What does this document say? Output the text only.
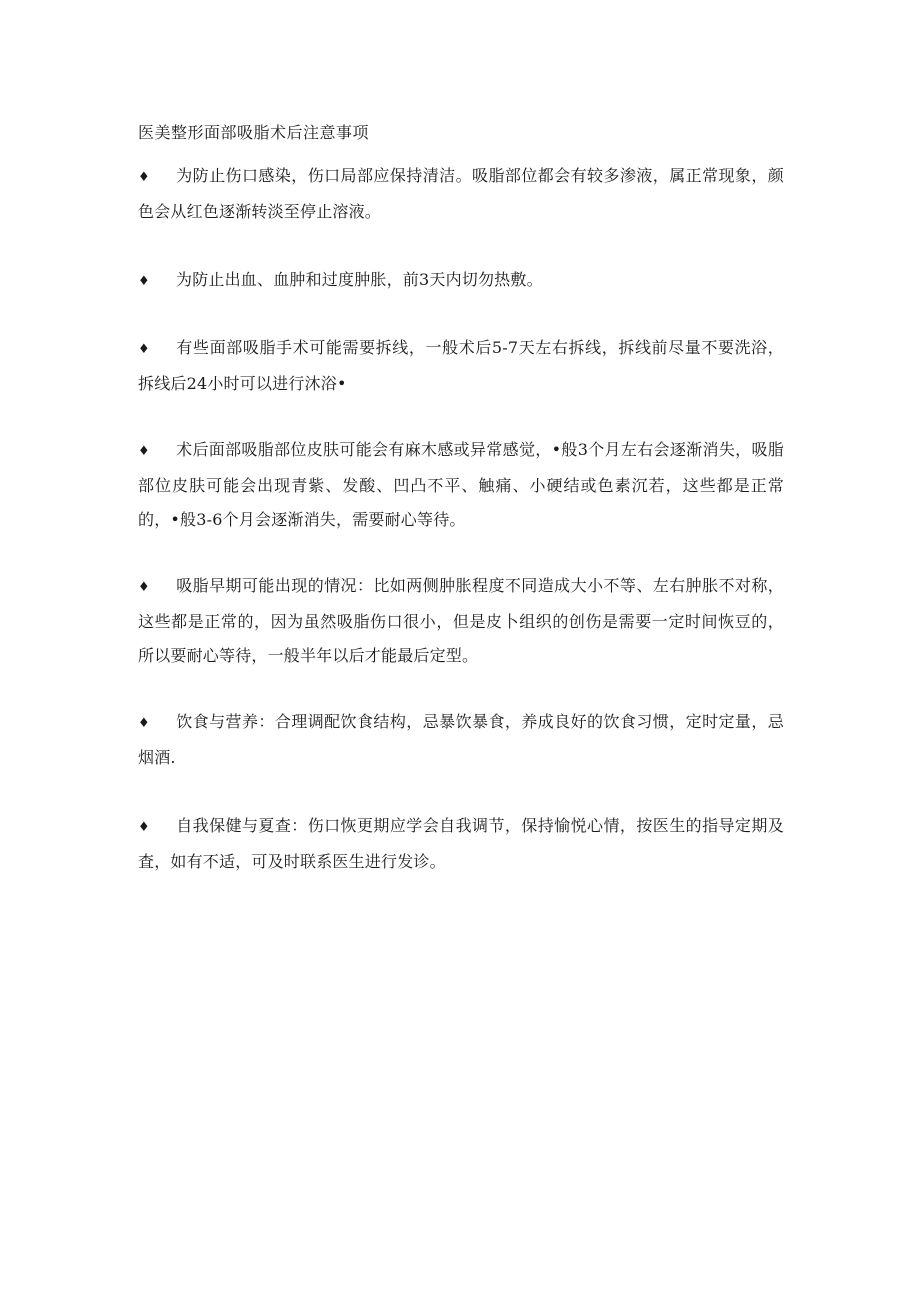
医美整形面部吸脂术后注意事项
♦ 为防止伤口感染，伤口局部应保持清洁。吸脂部位都会有较多渗液，属正常现象，颜色会从红色逐渐转淡至停止溶液。
♦ 为防止出血、血肿和过度肿胀，前3天内切勿热敷。
♦ 有些面部吸脂手术可能需要拆线，一般术后5-7天左右拆线，拆线前尽量不要洗浴，拆线后24小时可以进行沐浴•
♦ 术后面部吸脂部位皮肤可能会有麻木感或异常感觉，•般3个月左右会逐渐消失，吸脂部位皮肤可能会出现青紫、发酸、凹凸不平、触痛、小硬结或色素沉若，这些都是正常的，•般3-6个月会逐渐消失，需要耐心等待。
♦ 吸脂早期可能出现的情况：比如两侧肿胀程度不同造成大小不等、左右肿胀不对称，这些都是正常的，因为虽然吸脂伤口很小，但是皮卜组织的创伤是需要一定时间恢豆的，所以要耐心等待，一般半年以后才能最后定型。
♦ 饮食与营养：合理调配饮食结构，忌暴饮暴食，养成良好的饮食习惯，定时定量，忌烟酒.
♦ 自我保健与夏查：伤口恢更期应学会自我调节，保持愉悦心情，按医生的指导定期及査，如有不适，可及时联系医生进行发诊。
